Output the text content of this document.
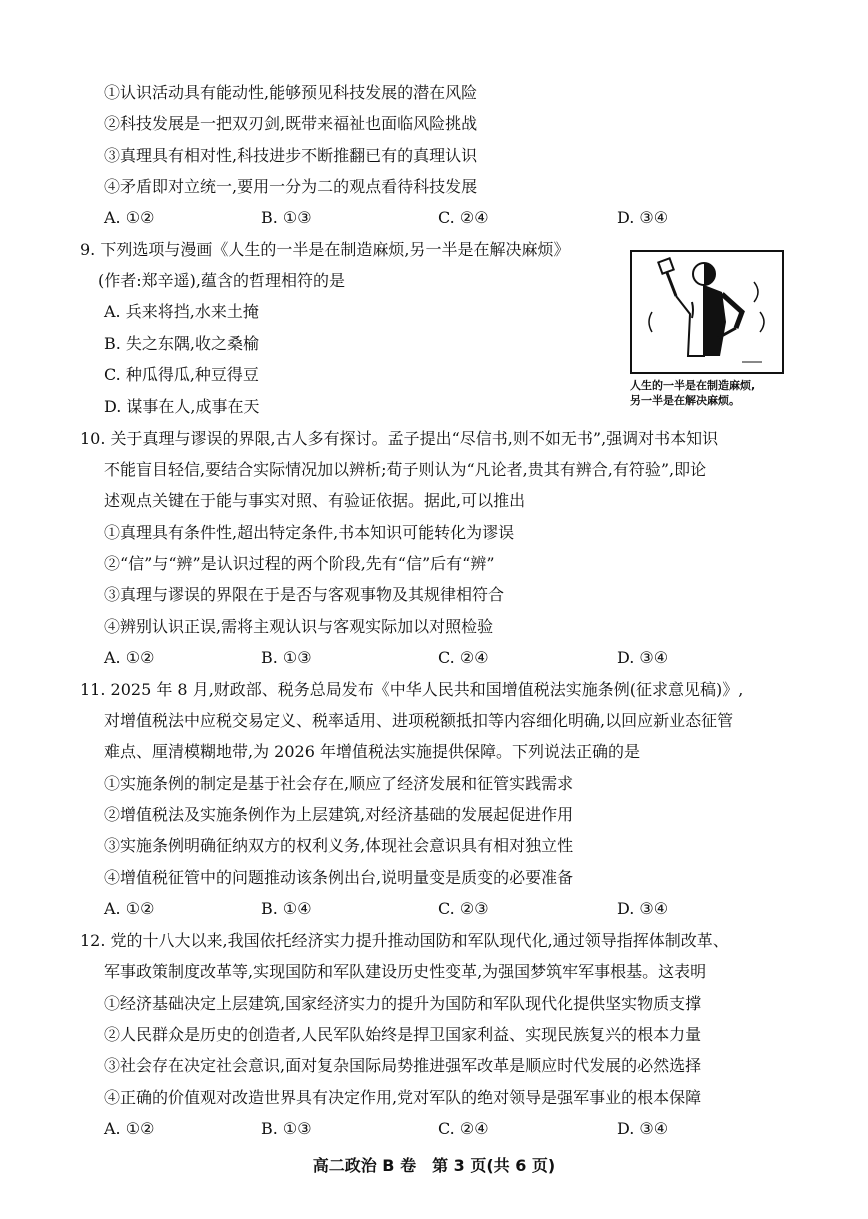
①认识活动具有能动性,能够预见科技发展的潜在风险
②科技发展是一把双刃剑,既带来福祉也面临风险挑战
③真理具有相对性,科技进步不断推翻已有的真理认识
④矛盾即对立统一,要用一分为二的观点看待科技发展
A. ①②	B. ①③	C. ②④	D. ③④
9. 下列选项与漫画《人生的一半是在制造麻烦,另一半是在解决麻烦》
(作者:郑辛遥),蕴含的哲理相符的是
A. 兵来将挡,水来土掩
B. 失之东隅,收之桑榆
C. 种瓜得瓜,种豆得豆
D. 谋事在人,成事在天
人生的一半是在制造麻烦,
另一半是在解决麻烦。
10. 关于真理与谬误的界限,古人多有探讨。孟子提出“尽信书,则不如无书”,强调对书本知识
不能盲目轻信,要结合实际情况加以辨析;荀子则认为“凡论者,贵其有辨合,有符验”,即论
述观点关键在于能与事实对照、有验证依据。据此,可以推出
①真理具有条件性,超出特定条件,书本知识可能转化为谬误
②“信”与“辨”是认识过程的两个阶段,先有“信”后有“辨”
③真理与谬误的界限在于是否与客观事物及其规律相符合
④辨别认识正误,需将主观认识与客观实际加以对照检验
A. ①②	B. ①③	C. ②④	D. ③④
11. 2025 年 8 月,财政部、税务总局发布《中华人民共和国增值税法实施条例(征求意见稿)》,
对增值税法中应税交易定义、税率适用、进项税额抵扣等内容细化明确,以回应新业态征管
难点、厘清模糊地带,为 2026 年增值税法实施提供保障。下列说法正确的是
①实施条例的制定是基于社会存在,顺应了经济发展和征管实践需求
②增值税法及实施条例作为上层建筑,对经济基础的发展起促进作用
③实施条例明确征纳双方的权利义务,体现社会意识具有相对独立性
④增值税征管中的问题推动该条例出台,说明量变是质变的必要准备
A. ①②	B. ①④	C. ②③	D. ③④
12. 党的十八大以来,我国依托经济实力提升推动国防和军队现代化,通过领导指挥体制改革、
军事政策制度改革等,实现国防和军队建设历史性变革,为强国梦筑牢军事根基。这表明
①经济基础决定上层建筑,国家经济实力的提升为国防和军队现代化提供坚实物质支撑
②人民群众是历史的创造者,人民军队始终是捍卫国家利益、实现民族复兴的根本力量
③社会存在决定社会意识,面对复杂国际局势推进强军改革是顺应时代发展的必然选择
④正确的价值观对改造世界具有决定作用,党对军队的绝对领导是强军事业的根本保障
A. ①②	B. ①③	C. ②④	D. ③④
高二政治 B 卷　第 3 页(共 6 页)
